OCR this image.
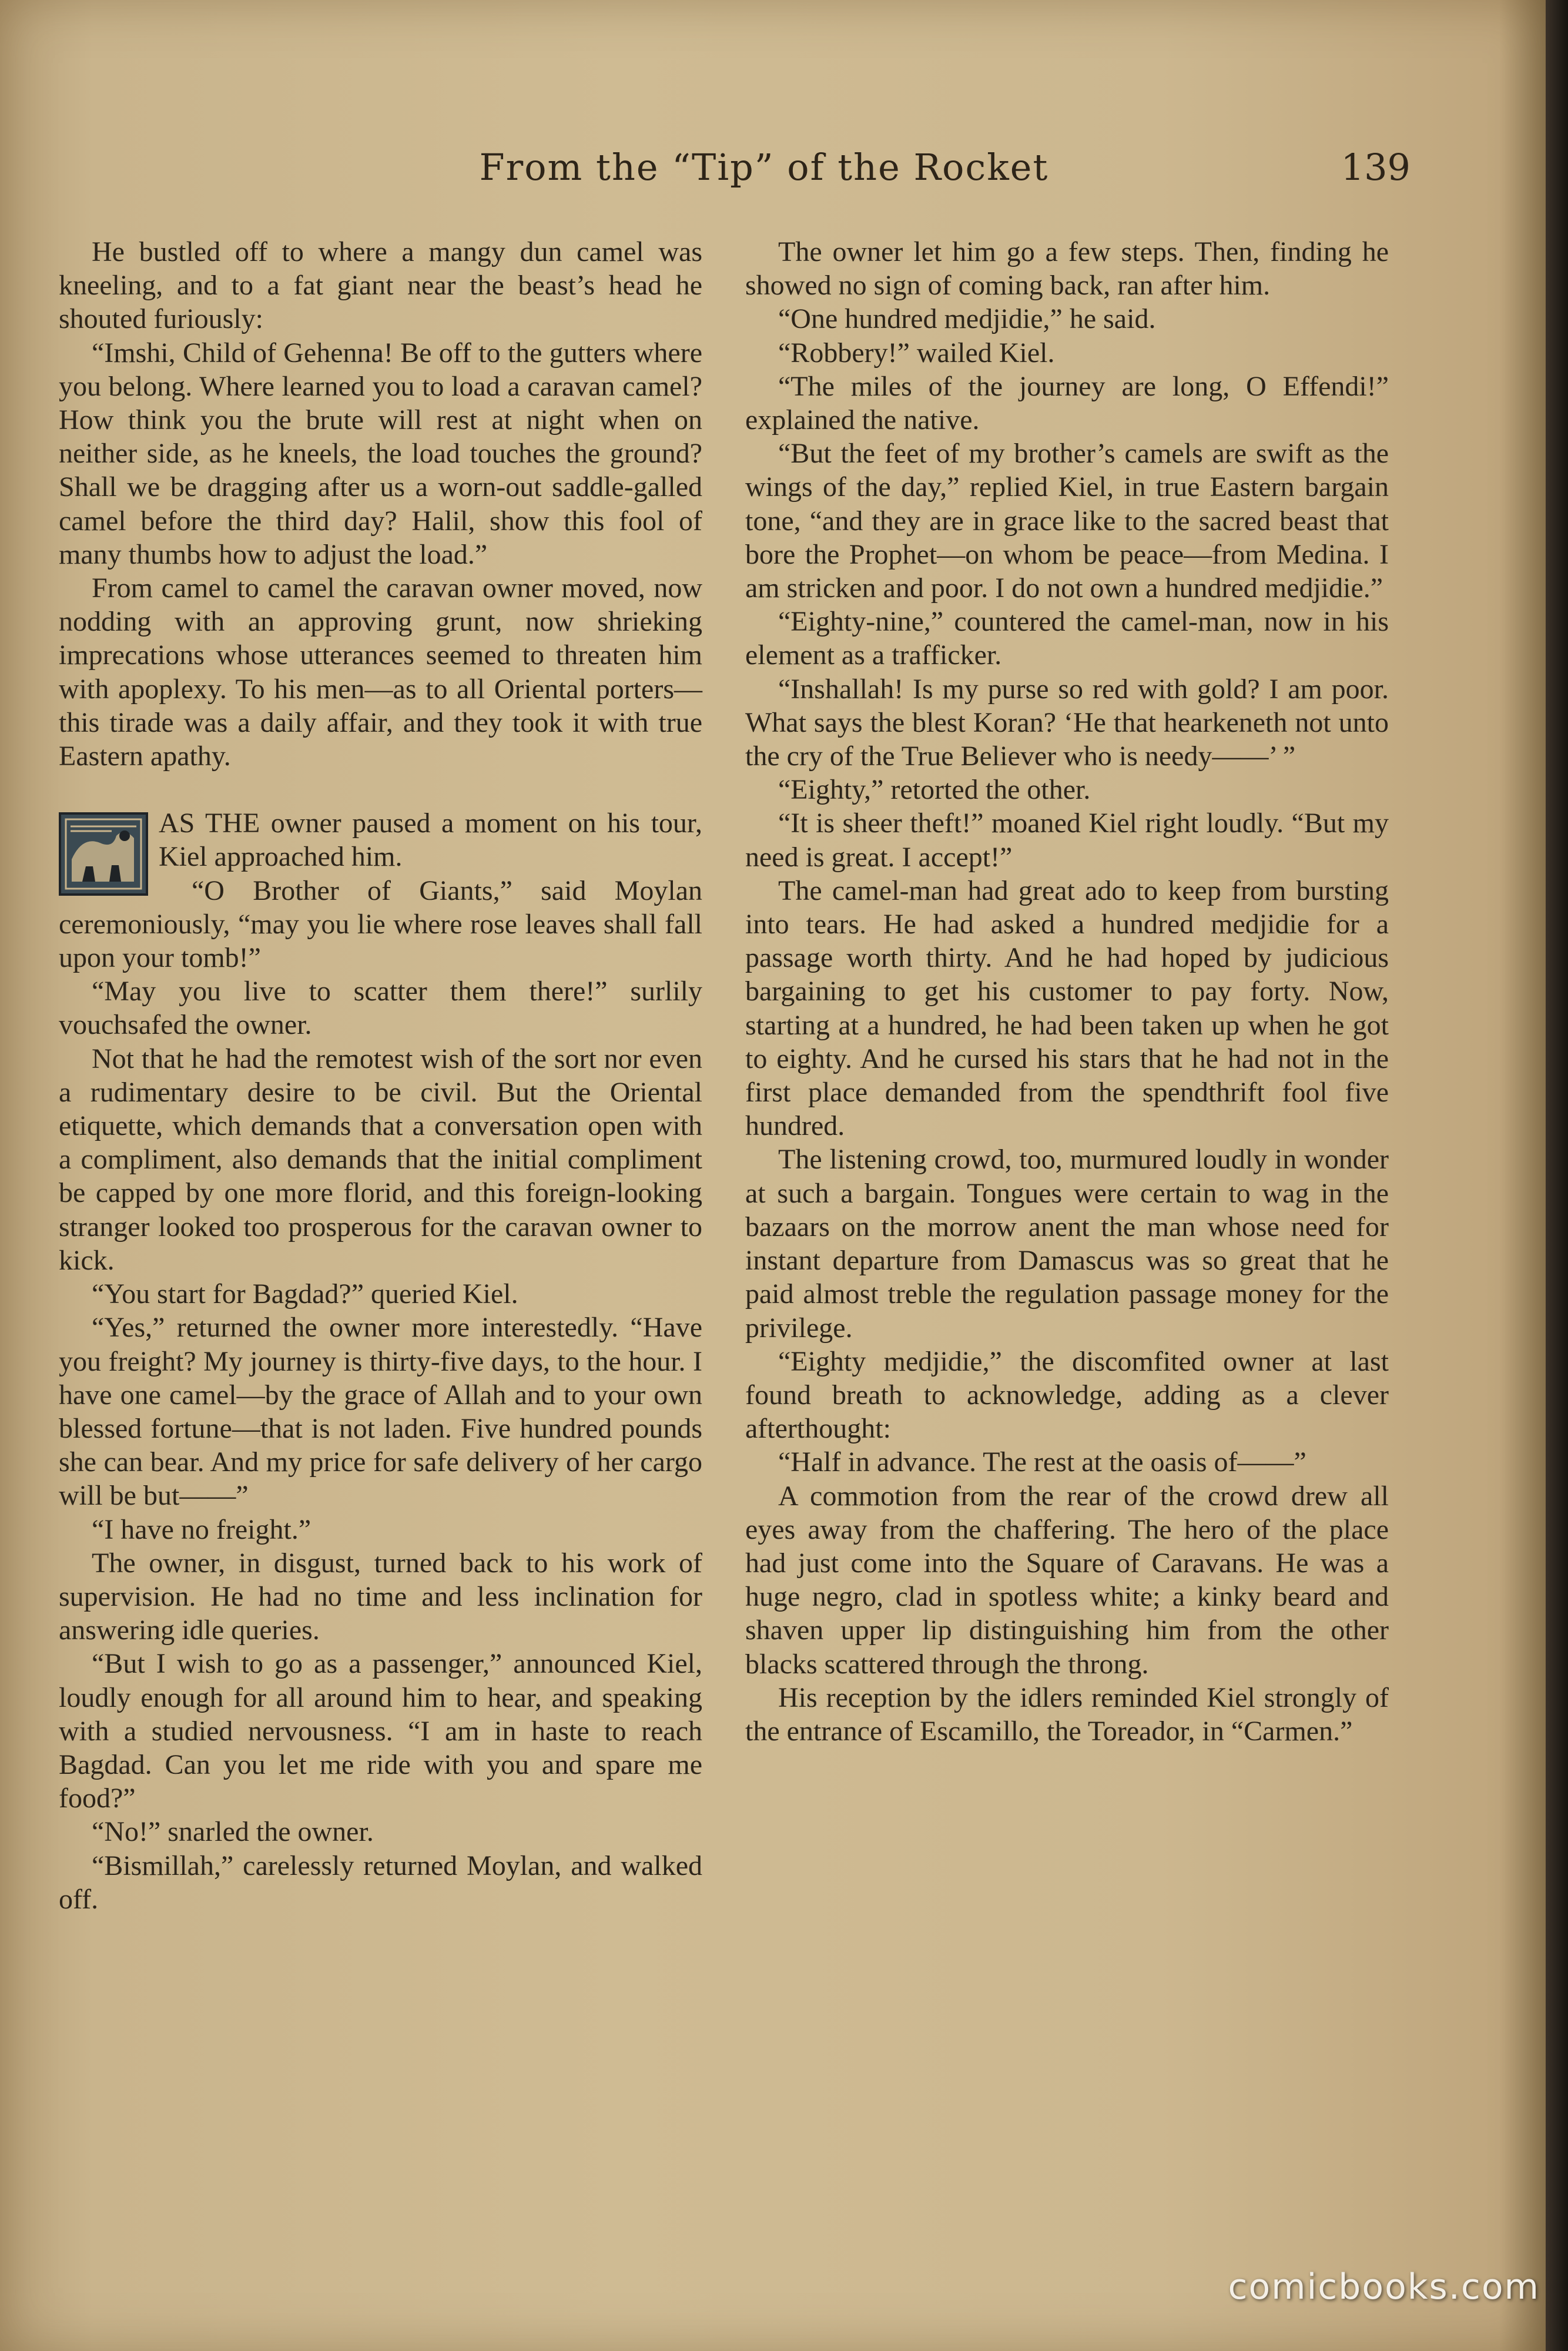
From the “Tip” of the Rocket	139

He bustled off to where a mangy dun camel was kneeling, and to a fat giant near the beast’s head he shouted furiously:

“Imshi, Child of Gehenna! Be off to the gutters where you belong. Where learned you to load a caravan camel? How think you the brute will rest at night when on neither side, as he kneels, the load touches the ground? Shall we be dragging after us a worn-out saddle-galled camel before the third day? Halil, show this fool of many thumbs how to adjust the load.”

From camel to camel the caravan owner moved, now nodding with an approving grunt, now shrieking imprecations whose utterances seemed to threaten him with apoplexy. To his men—as to all Oriental porters—this tirade was a daily affair, and they took it with true Eastern apathy.

AS THE owner paused a moment on his tour, Kiel approached him.

“O Brother of Giants,” said Moylan ceremoniously, “may you lie where rose leaves shall fall upon your tomb!”

“May you live to scatter them there!” surlily vouchsafed the owner.

Not that he had the remotest wish of the sort nor even a rudimentary desire to be civil. But the Oriental etiquette, which demands that a conversation open with a compliment, also demands that the initial compliment be capped by one more florid, and this foreign-looking stranger looked too prosperous for the caravan owner to kick.

“You start for Bagdad?” queried Kiel.

“Yes,” returned the owner more interestedly. “Have you freight? My journey is thirty-five days, to the hour. I have one camel—by the grace of Allah and to your own blessed fortune—that is not laden. Five hundred pounds she can bear. And my price for safe delivery of her cargo will be but——”

“I have no freight.”

The owner, in disgust, turned back to his work of supervision. He had no time and less inclination for answering idle queries.

“But I wish to go as a passenger,” announced Kiel, loudly enough for all around him to hear, and speaking with a studied nervousness. “I am in haste to reach Bagdad. Can you let me ride with you and spare me food?”

“No!” snarled the owner.

“Bismillah,” carelessly returned Moylan, and walked off.

The owner let him go a few steps. Then, finding he showed no sign of coming back, ran after him.

“One hundred medjidie,” he said.

“Robbery!” wailed Kiel.

“The miles of the journey are long, O Effendi!” explained the native.

“But the feet of my brother’s camels are swift as the wings of the day,” replied Kiel, in true Eastern bargain tone, “and they are in grace like to the sacred beast that bore the Prophet—on whom be peace—from Medina. I am stricken and poor. I do not own a hundred medjidie.”

“Eighty-nine,” countered the camel-man, now in his element as a trafficker.

“Inshallah! Is my purse so red with gold? I am poor. What says the blest Koran? ‘He that hearkeneth not unto the cry of the True Believer who is needy——’ ”

“Eighty,” retorted the other.

“It is sheer theft!” moaned Kiel right loudly. “But my need is great. I accept!”

The camel-man had great ado to keep from bursting into tears. He had asked a hundred medjidie for a passage worth thirty. And he had hoped by judicious bargaining to get his customer to pay forty. Now, starting at a hundred, he had been taken up when he got to eighty. And he cursed his stars that he had not in the first place demanded from the spendthrift fool five hundred.

The listening crowd, too, murmured loudly in wonder at such a bargain. Tongues were certain to wag in the bazaars on the morrow anent the man whose need for instant departure from Damascus was so great that he paid almost treble the regulation passage money for the privilege.

“Eighty medjidie,” the discomfited owner at last found breath to acknowledge, adding as a clever afterthought:

“Half in advance. The rest at the oasis of——”

A commotion from the rear of the crowd drew all eyes away from the chaffering. The hero of the place had just come into the Square of Caravans. He was a huge negro, clad in spotless white; a kinky beard and shaven upper lip distinguishing him from the other blacks scattered through the throng.

His reception by the idlers reminded Kiel strongly of the entrance of Escamillo, the Toreador, in “Carmen.”

comicbooks.com
